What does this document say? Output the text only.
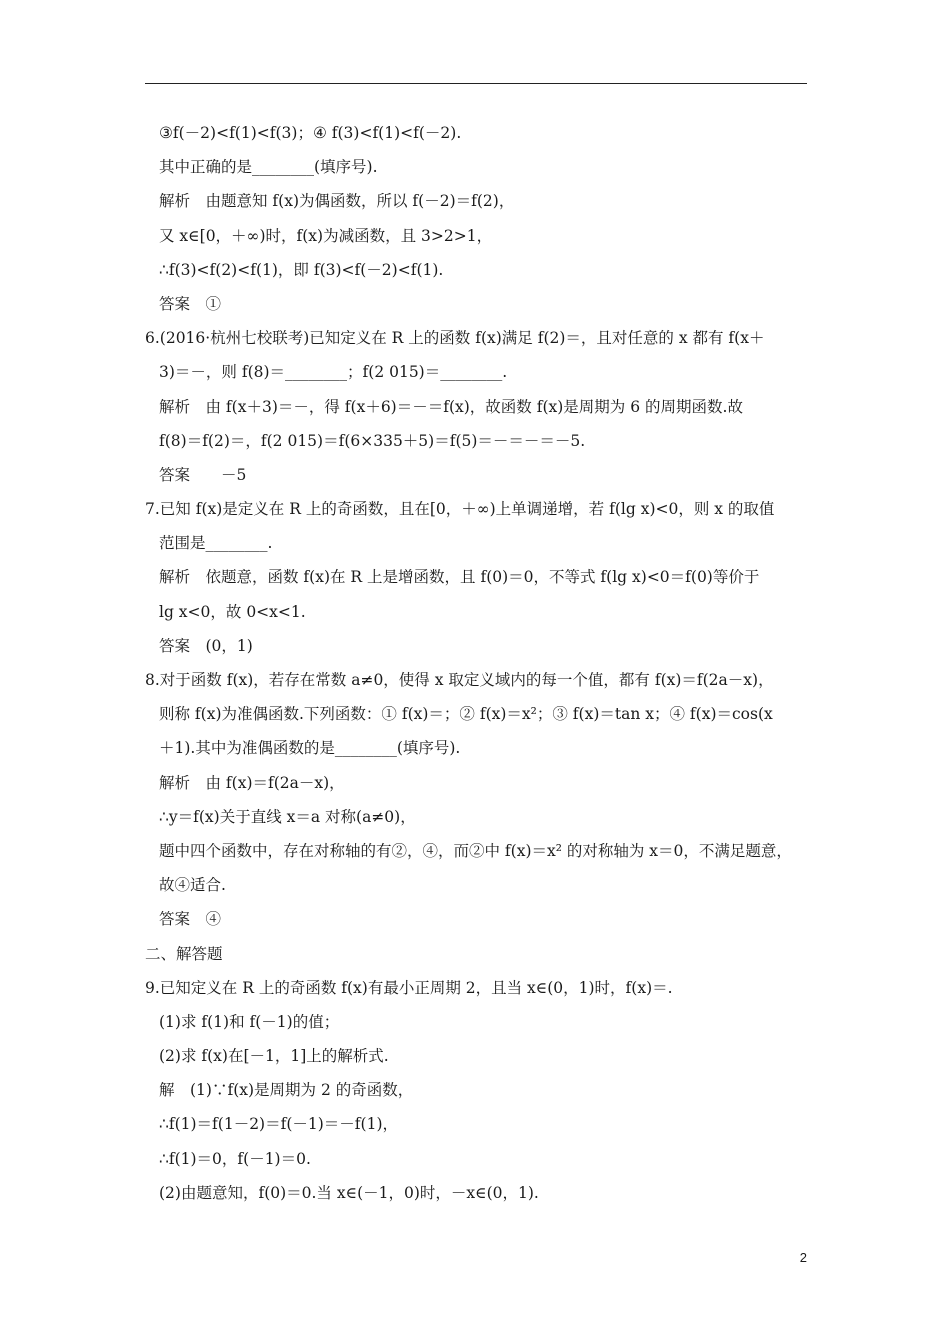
③f(－2)<f(1)<f(3)；④ f(3)<f(1)<f(－2).
其中正确的是________(填序号).
解析　由题意知 f(x)为偶函数，所以 f(－2)＝f(2)，
又 x∈[0，＋∞)时，f(x)为减函数，且 3>2>1，
∴f(3)<f(2)<f(1)，即 f(3)<f(－2)<f(1).
答案　①
6.(2016·杭州七校联考)已知定义在 R 上的函数 f(x)满足 f(2)＝，且对任意的 x 都有 f(x＋
3)＝－，则 f(8)＝________；f(2 015)＝________.
解析　由 f(x＋3)＝－，得 f(x＋6)＝－＝f(x)，故函数 f(x)是周期为 6 的周期函数.故
f(8)＝f(2)＝，f(2 015)＝f(6×335＋5)＝f(5)＝－＝－＝－5.
答案　　－5
7.已知 f(x)是定义在 R 上的奇函数，且在[0，＋∞)上单调递增，若 f(lg x)<0，则 x 的取值
范围是________.
解析　依题意，函数 f(x)在 R 上是增函数，且 f(0)＝0，不等式 f(lg x)<0＝f(0)等价于
lg x<0，故 0<x<1.
答案　(0，1)
8.对于函数 f(x)，若存在常数 a≠0，使得 x 取定义域内的每一个值，都有 f(x)＝f(2a－x)，
则称 f(x)为准偶函数.下列函数：① f(x)＝；② f(x)＝x²；③ f(x)＝tan x；④ f(x)＝cos(x
＋1).其中为准偶函数的是________(填序号).
解析　由 f(x)＝f(2a－x)，
∴y＝f(x)关于直线 x＝a 对称(a≠0)，
题中四个函数中，存在对称轴的有②，④，而②中 f(x)＝x² 的对称轴为 x＝0，不满足题意，
故④适合.
答案　④
二、解答题
9.已知定义在 R 上的奇函数 f(x)有最小正周期 2，且当 x∈(0，1)时，f(x)＝.
(1)求 f(1)和 f(－1)的值；
(2)求 f(x)在[－1，1]上的解析式.
解　(1)∵f(x)是周期为 2 的奇函数，
∴f(1)＝f(1－2)＝f(－1)＝－f(1)，
∴f(1)＝0，f(－1)＝0.
(2)由题意知，f(0)＝0.当 x∈(－1，0)时，－x∈(0，1).
2
